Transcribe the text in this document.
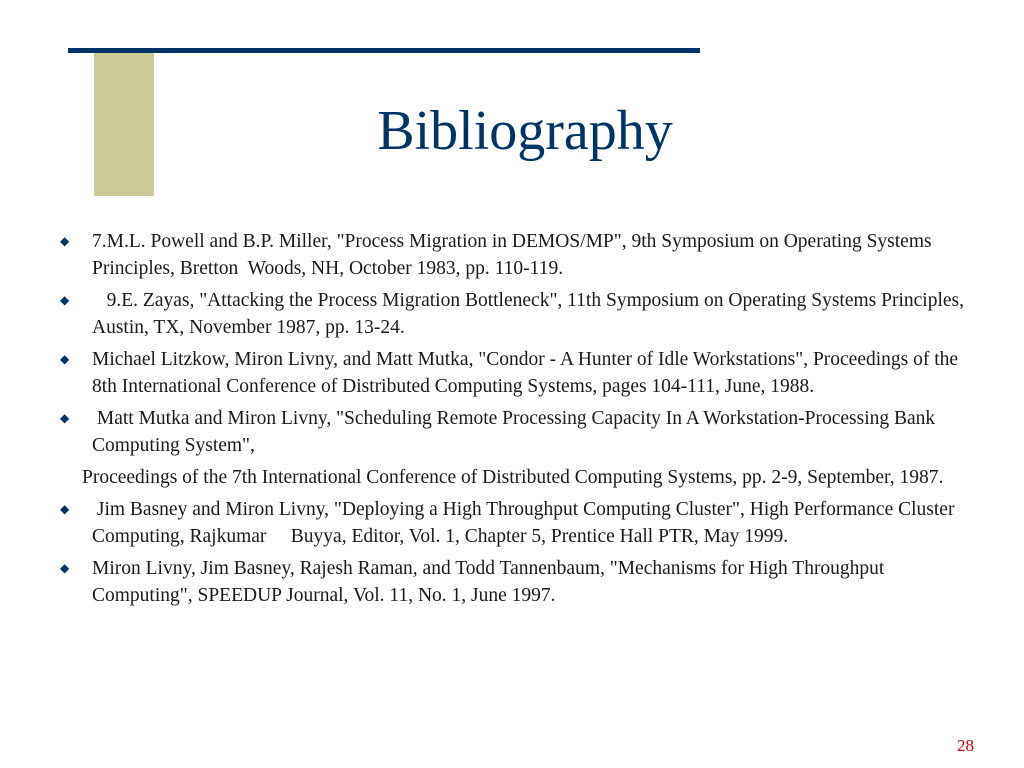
Bibliography
◆ 7.M.L. Powell and B.P. Miller, "Process Migration in DEMOS/MP", 9th Symposium on Operating Systems Principles, Bretton  Woods, NH, October 1983, pp. 110-119.
◆ 9.E. Zayas, "Attacking the Process Migration Bottleneck", 11th Symposium on Operating Systems Principles, Austin, TX, November 1987, pp. 13-24.
◆ Michael Litzkow, Miron Livny, and Matt Mutka, "Condor - A Hunter of Idle Workstations", Proceedings of the 8th International Conference of Distributed Computing Systems, pages 104-111, June, 1988.
◆ Matt Mutka and Miron Livny, "Scheduling Remote Processing Capacity In A Workstation-Processing Bank Computing System",
Proceedings of the 7th International Conference of Distributed Computing Systems, pp. 2-9, September, 1987.
◆ Jim Basney and Miron Livny, "Deploying a High Throughput Computing Cluster", High Performance Cluster Computing, Rajkumar     Buyya, Editor, Vol. 1, Chapter 5, Prentice Hall PTR, May 1999.
◆ Miron Livny, Jim Basney, Rajesh Raman, and Todd Tannenbaum, "Mechanisms for High Throughput Computing", SPEEDUP Journal, Vol. 11, No. 1, June 1997.
28
